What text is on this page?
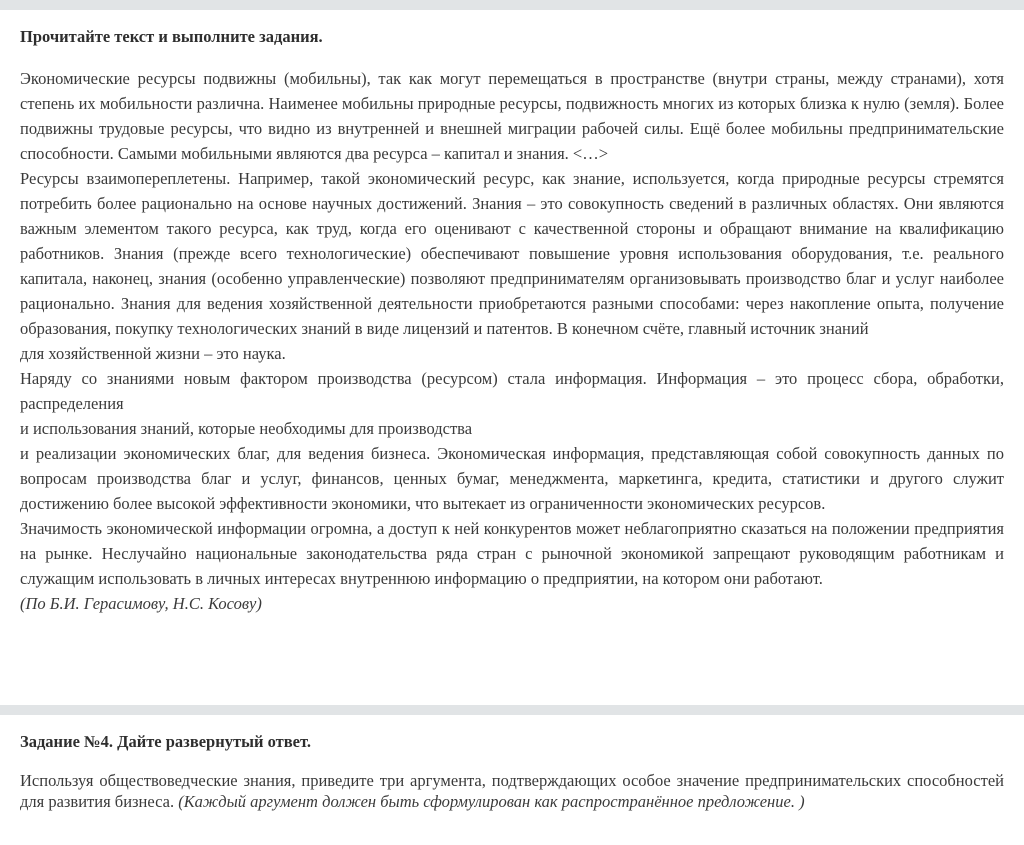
Прочитайте текст и выполните задания.

Экономические ресурсы подвижны (мобильны), так как могут перемещаться в пространстве (внутри страны, между странами), хотя степень их мобильности различна. Наименее мобильны природные ресурсы, подвижность многих из которых близка к нулю (земля). Более подвижны трудовые ресурсы, что видно из внутренней и внешней миграции рабочей силы. Ещё более мобильны предпринимательские способности. Самыми мобильными являются два ресурса – капитал и знания. <…>

Ресурсы взаимопереплетены. Например, такой экономический ресурс, как знание, используется, когда природные ресурсы стремятся потребить более рационально на основе научных достижений. Знания – это совокупность сведений в различных областях. Они являются важным элементом такого ресурса, как труд, когда его оценивают с качественной стороны и обращают внимание на квалификацию работников. Знания (прежде всего технологические) обеспечивают повышение уровня использования оборудования, т.е. реального капитала, наконец, знания (особенно управленческие) позволяют предпринимателям организовывать производство благ и услуг наиболее рационально. Знания для ведения хозяйственной деятельности приобретаются разными способами: через накопление опыта, получение образования, покупку технологических знаний в виде лицензий и патентов. В конечном счёте, главный источник знаний

для хозяйственной жизни – это наука.

Наряду со знаниями новым фактором производства (ресурсом) стала информация. Информация – это процесс сбора, обработки, распределения

и использования знаний, которые необходимы для производства

и реализации экономических благ, для ведения бизнеса. Экономическая информация, представляющая собой совокупность данных по вопросам производства благ и услуг, финансов, ценных бумаг, менеджмента, маркетинга, кредита, статистики и другого служит достижению более высокой эффективности экономики, что вытекает из ограниченности экономических ресурсов.

Значимость экономической информации огромна, а доступ к ней конкурентов может неблагоприятно сказаться на положении предприятия на рынке. Неслучайно национальные законодательства ряда стран с рыночной экономикой запрещают руководящим работникам и служащим использовать в личных интересах внутреннюю информацию о предприятии, на котором они работают.

(По Б.И. Герасимову, Н.С. Косову)

Задание №4. Дайте развернутый ответ.
Используя обществоведческие знания, приведите три аргумента, подтверждающих особое значение предпринимательских способностей для развития бизнеса. (Каждый аргумент должен быть сформулирован как распространённое предложение. )
